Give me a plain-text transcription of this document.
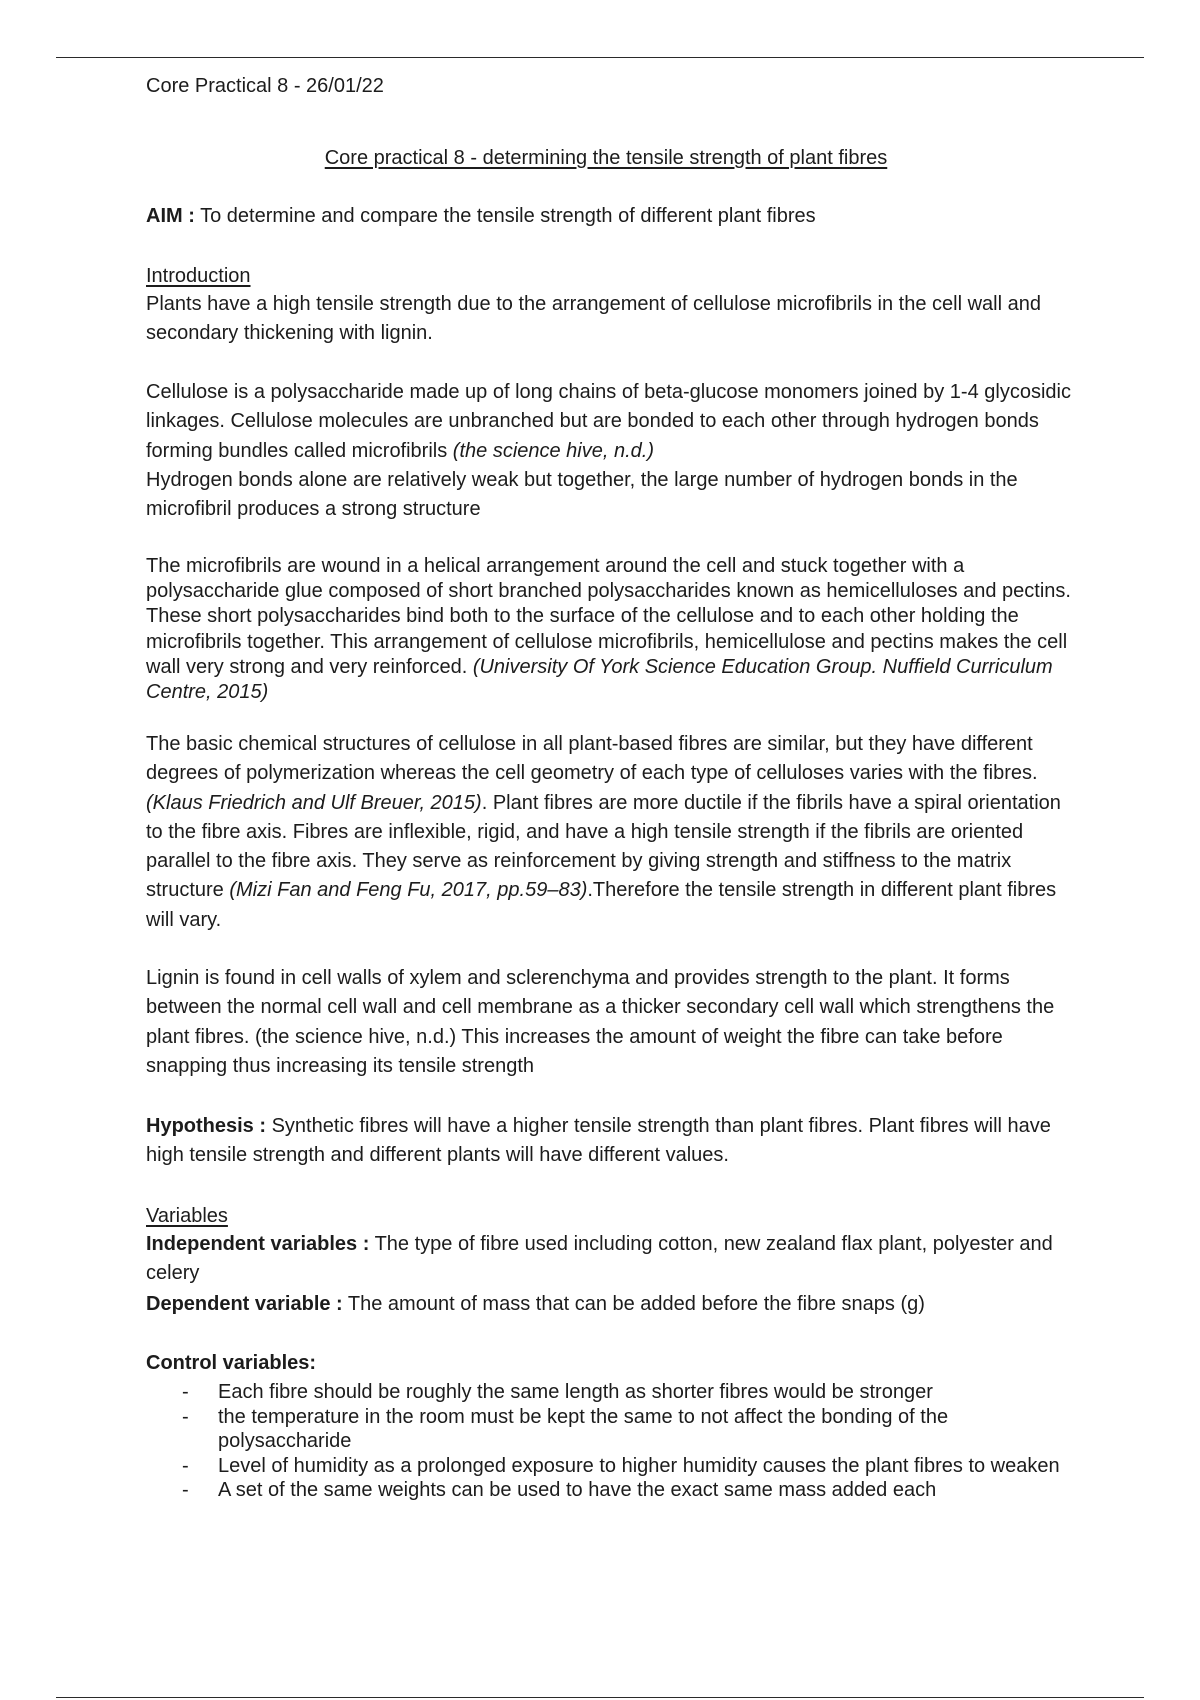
Core Practical 8 - 26/01/22
Core practical 8 - determining the tensile strength of plant fibres
AIM : To determine and compare the tensile strength of different plant fibres
Introduction
Plants have a high tensile strength due to the arrangement of cellulose microfibrils in the cell wall and secondary thickening with lignin.
Cellulose is a polysaccharide made up of long chains of beta-glucose monomers joined by 1-4 glycosidic linkages. Cellulose molecules are unbranched but are bonded to each other through hydrogen bonds forming bundles called microfibrils (the science hive, n.d.)
Hydrogen bonds alone are relatively weak but together, the large number of hydrogen bonds in the microfibril produces a strong structure
The microfibrils are wound in a helical arrangement around the cell and stuck together with a polysaccharide glue composed of short branched polysaccharides known as hemicelluloses and pectins. These short polysaccharides bind both to the surface of the cellulose and to each other holding the microfibrils together. This arrangement of cellulose microfibrils, hemicellulose and pectins makes the cell wall very strong and very reinforced. (University Of York Science Education Group. Nuffield Curriculum Centre, 2015)
The basic chemical structures of cellulose in all plant-based fibres are similar, but they have different degrees of polymerization whereas the cell geometry of each type of celluloses varies with the fibres. (Klaus Friedrich and Ulf Breuer, 2015). Plant fibres are more ductile if the fibrils have a spiral orientation to the fibre axis. Fibres are inflexible, rigid, and have a high tensile strength if the fibrils are oriented parallel to the fibre axis. They serve as reinforcement by giving strength and stiffness to the matrix structure (Mizi Fan and Feng Fu, 2017, pp.59–83).Therefore the tensile strength in different plant fibres will vary.
Lignin is found in cell walls of xylem and sclerenchyma and provides strength to the plant. It forms between the normal cell wall and cell membrane as a thicker secondary cell wall which strengthens the plant fibres. (the science hive, n.d.) This increases the amount of weight the fibre can take before snapping thus increasing its tensile strength
Hypothesis : Synthetic fibres will have a higher tensile strength than plant fibres. Plant fibres will have high tensile strength and different plants will have different values.
Variables
Independent variables : The type of fibre used including cotton, new zealand flax plant, polyester and celery
Dependent variable : The amount of mass that can be added before the fibre snaps (g)
Control variables:
- Each fibre should be roughly the same length as shorter fibres would be stronger
- the temperature in the room must be kept the same to not affect the bonding of the polysaccharide
- Level of humidity as a prolonged exposure to higher humidity causes the plant fibres to weaken
- A set of the same weights can be used to have the exact same mass added each
